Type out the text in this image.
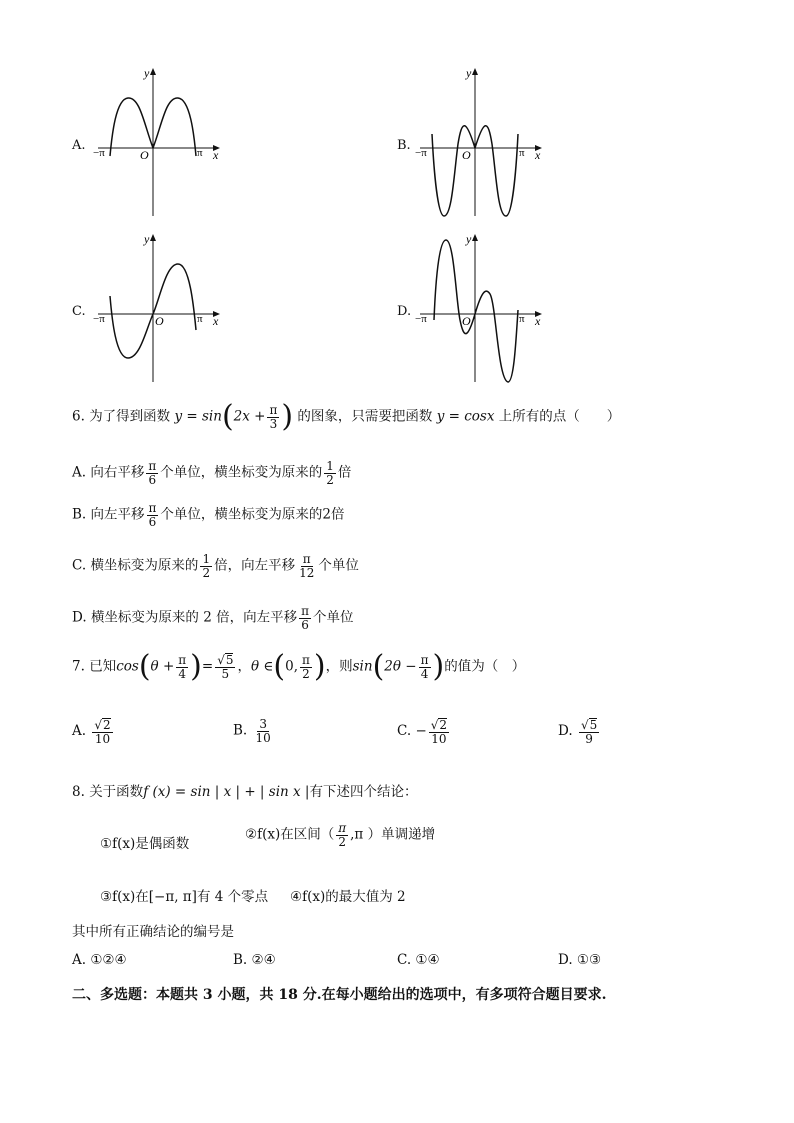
A.
y
x
O
−π	π	B.
y
x
O
−π	π
C.
y
x
O
−π	π	D.
y
x
O
−π	π
6. 为了得到函数 $y = \sin(2x + \frac{\pi}{3}$ ) 的图象，只需要把函数 y = cosx 上所有的点（　　）
A. 向右平移 $\frac{\pi}{6}$ 个单位，横坐标变为原来的 $\frac{1}{2}$ 倍
B. 向左平移 $\frac{\pi}{6}$ 个单位，横坐标变为原来的2倍
C. 横坐标变为原来的 $\frac{1}{2}$ 倍，向左平移 $\frac{\pi}{12}$ 个单位
D. 横坐标变为原来的 2 倍，向左平移 $\frac{\pi}{6}$ 个单位
7. 已知$\cos(\theta + \frac{\pi}{4}$ )= $\frac{√5}{5}$ ，θ ∈(0, $\frac{\pi}{2}$ )，则$\sin(2\theta - \frac{\pi}{4}$ )的值为（　）
A. $\frac{√2}{10}$	B. $\frac{3}{10}$	C. − $\frac{√2}{10}$	D. $\frac{√5}{9}$
8. 关于函数f (x) = sin | x | + | sin x |有下述四个结论：
①f(x)是偶函数
②f(x)在区间（ $\frac{\pi}{2} ,\pi$ ）单调递增
③f(x)在[−π, π]有 4 个零点 ④f(x)的最大值为 2
其中所有正确结论的编号是
A. ①②④	B. ②④	C. ①④	D. ①③
二、多选题：本题共 3 小题，共 18 分.在每小题给出的选项中，有多项符合题目要求.
